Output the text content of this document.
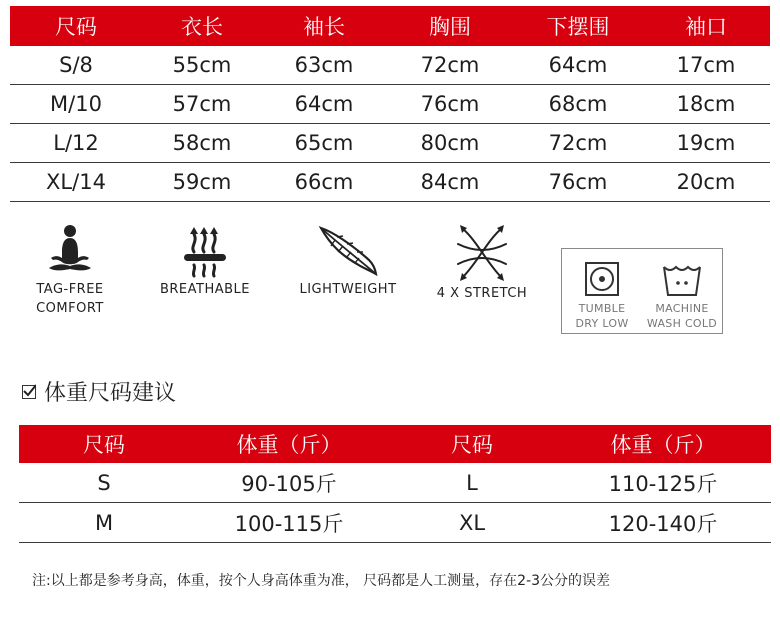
尺码	衣长	袖长	胸围	下摆围	袖口
S/8	55cm	63cm	72cm	64cm	17cm
M/10	57cm	64cm	76cm	68cm	18cm
L/12	58cm	65cm	80cm	72cm	19cm
XL/14	59cm	66cm	84cm	76cm	20cm
TAG-FREE
COMFORT
BREATHABLE	LIGHTWEIGHT	4 X STRETCH
TUMBLE
DRY LOW
MACHINE
WASH COLD
体重尺码建议
尺码	体重（斤）	尺码	体重（斤）
S	90-105斤	L	110-125斤
M	100-115斤	XL	120-140斤
注:以上都是参考身高，体重，按个人身高体重为准， 尺码都是人工测量，存在2-3公分的误差
